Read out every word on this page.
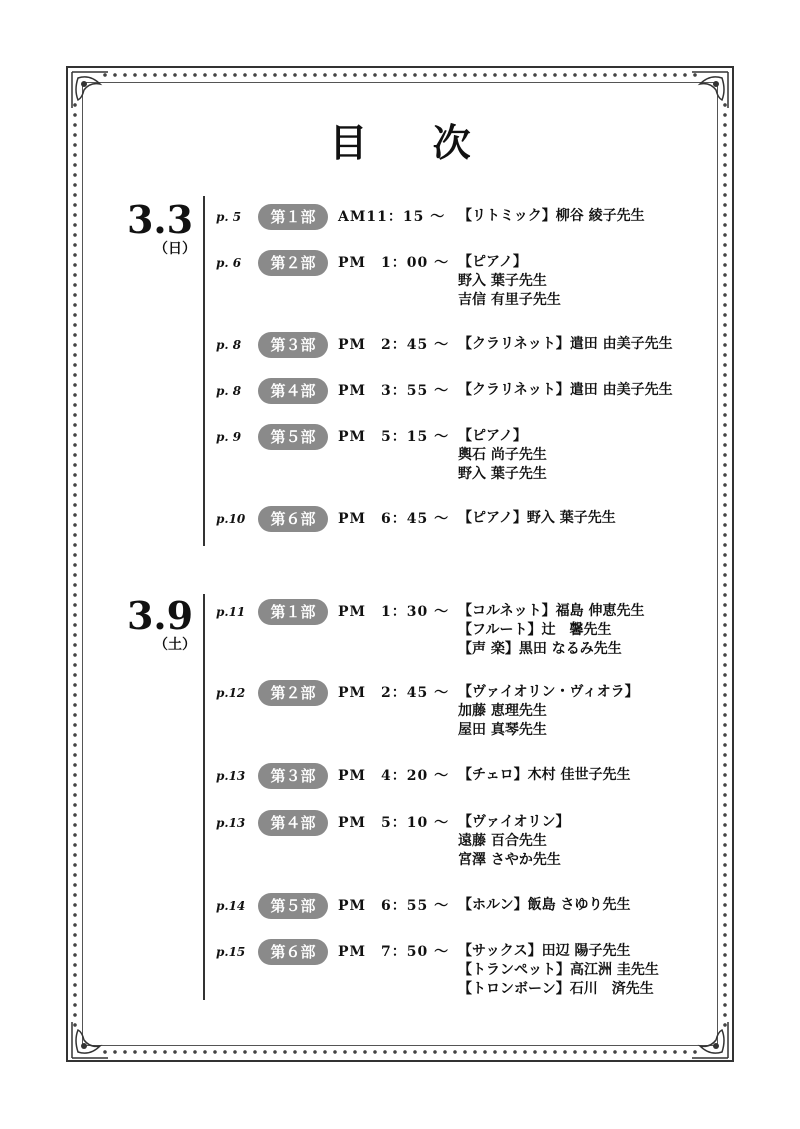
目 次
3.3
（日）
p. 5	第１部	AM11：15 ～ 【リトミック】柳谷 綾子先生
p. 6	第２部	PM　1：00 ～ 【ピアノ】
野入 葉子先生
吉信 有里子先生
p. 8	第３部	PM　2：45 ～ 【クラリネット】遣田 由美子先生
p. 8	第４部	PM　3：55 ～ 【クラリネット】遣田 由美子先生
p. 9	第５部	PM　5：15 ～ 【ピアノ】
輿石 尚子先生
野入 葉子先生
p.10	第６部	PM　6：45 ～ 【ピアノ】野入 葉子先生
3.9
（土）
p.11	第１部	PM　1：30 ～ 【コルネット】福島 伸恵先生
【フルート】辻　馨先生
【声 楽】黒田 なるみ先生
p.12	第２部	PM　2：45 ～ 【ヴァイオリン・ヴィオラ】
加藤 恵理先生
屋田 真琴先生
p.13	第３部	PM　4：20 ～ 【チェロ】木村 佳世子先生
p.13	第４部	PM　5：10 ～ 【ヴァイオリン】
遠藤 百合先生
宮澤 さやか先生
p.14	第５部	PM　6：55 ～ 【ホルン】飯島 さゆり先生
p.15	第６部	PM　7：50 ～ 【サックス】田辺 陽子先生
【トランペット】高江洲 圭先生
【トロンボーン】石川　済先生
